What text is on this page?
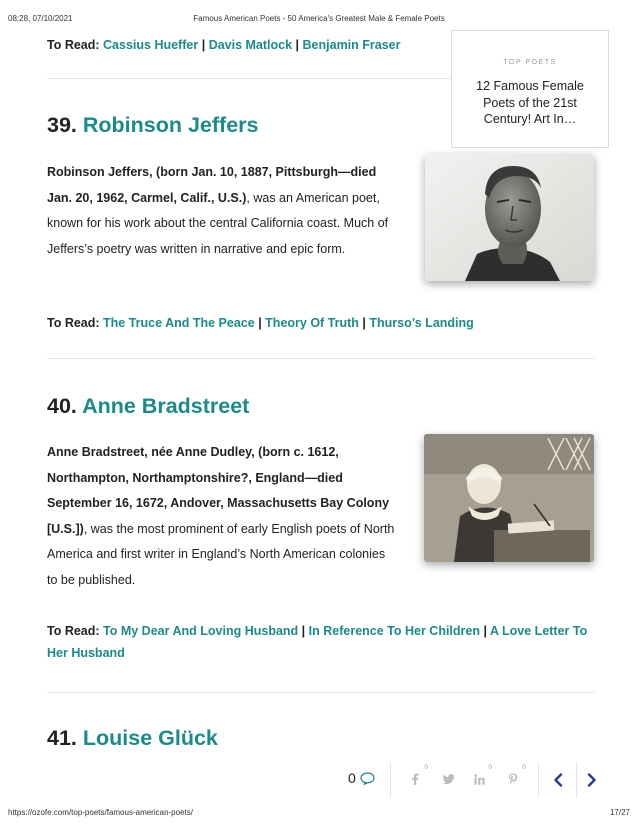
08:28, 07/10/2021	Famous American Poets - 50 America's Greatest Male & Female Poets
To Read: Cassius Hueffer | Davis Matlock | Benjamin Fraser
39. Robinson Jeffers
Robinson Jeffers, (born Jan. 10, 1887, Pittsburgh—died Jan. 20, 1962, Carmel, Calif., U.S.), was an American poet, known for his work about the central California coast. Much of Jeffers’s poetry was written in narrative and epic form.
To Read: The Truce And The Peace | Theory Of Truth | Thurso’s Landing
40. Anne Bradstreet
Anne Bradstreet, née Anne Dudley, (born c. 1612, Northampton, Northamptonshire?, England—died September 16, 1672, Andover, Massachusetts Bay Colony [U.S.]), was the most prominent of early English poets of North America and first writer in England’s North American colonies to be published.
To Read: To My Dear And Loving Husband | In Reference To Her Children | A Love Letter To Her Husband
41. Louise Glück
TOP POETS
12 Famous Female Poets of the 21st Century! Art In…
0
0	0	0
https://ozofe.com/top-poets/famous-american-poets/	17/27
